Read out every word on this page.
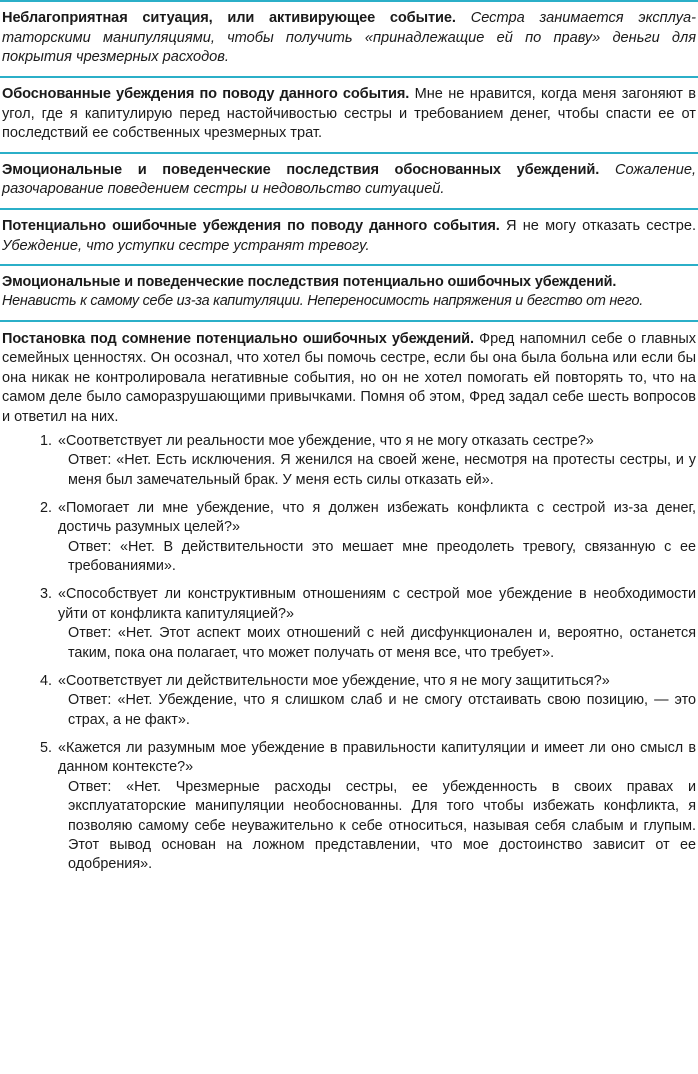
Неблагоприятная ситуация, или активирующее событие. Сестра занимается эксплуататорскими манипуляциями, чтобы получить «принадлежащие ей по праву» деньги для покрытия чрезмерных расходов.

Обоснованные убеждения по поводу данного события. Мне не нравится, когда меня загоняют в угол, где я капитулирую перед настойчивостью сестры и требованием денег, чтобы спасти ее от последствий ее собственных чрезмерных трат.

Эмоциональные и поведенческие последствия обоснованных убеждений. Сожаление, разочарование поведением сестры и недовольство ситуацией.

Потенциально ошибочные убеждения по поводу данного события. Я не могу отказать сестре. Убеждение, что уступки сестре устранят тревогу.

Эмоциональные и поведенческие последствия потенциально ошибочных убеждений.
Ненависть к самому себе из-за капитуляции. Непереносимость напряжения и бегство от него.

Постановка под сомнение потенциально ошибочных убеждений. Фред напомнил себе о главных семейных ценностях. Он осознал, что хотел бы помочь сестре, если бы она была больна или если бы она никак не контролировала негативные события, но он не хотел помогать ей повторять то, что на самом деле было саморазрушающими привычками. Помня об этом, Фред задал себе шесть вопросов и ответил на них.

«Соответствует ли реальности мое убеждение, что я не могу отказать сестре?»

Ответ: «Нет. Есть исключения. Я женился на своей жене, несмотря на протесты сестры, и у меня был замечательный брак. У меня есть силы отказать ей».

«Помогает ли мне убеждение, что я должен избежать конфликта с сестрой из-за денег, достичь разумных целей?»

Ответ: «Нет. В действительности это мешает мне преодолеть тревогу, связанную с ее требованиями».

«Способствует ли конструктивным отношениям с сестрой мое убеждение в необходимости уйти от конфликта капитуляцией?»

Ответ: «Нет. Этот аспект моих отношений с ней дисфункционален и, вероятно, останется таким, пока она полагает, что может получать от меня все, что требует».

«Соответствует ли действительности мое убеждение, что я не могу защититься?»

Ответ: «Нет. Убеждение, что я слишком слаб и не смогу отстаивать свою позицию, — это страх, а не факт».

«Кажется ли разумным мое убеждение в правильности капитуляции и имеет ли оно смысл в данном контексте?»

Ответ: «Нет. Чрезмерные расходы сестры, ее убежденность в своих правах и эксплуататорские манипуляции необоснованны. Для того чтобы избежать конфликта, я позволяю самому себе неуважительно к себе относиться, называя себя слабым и глупым. Этот вывод основан на ложном представлении, что мое достоинство зависит от ее одобрения».
